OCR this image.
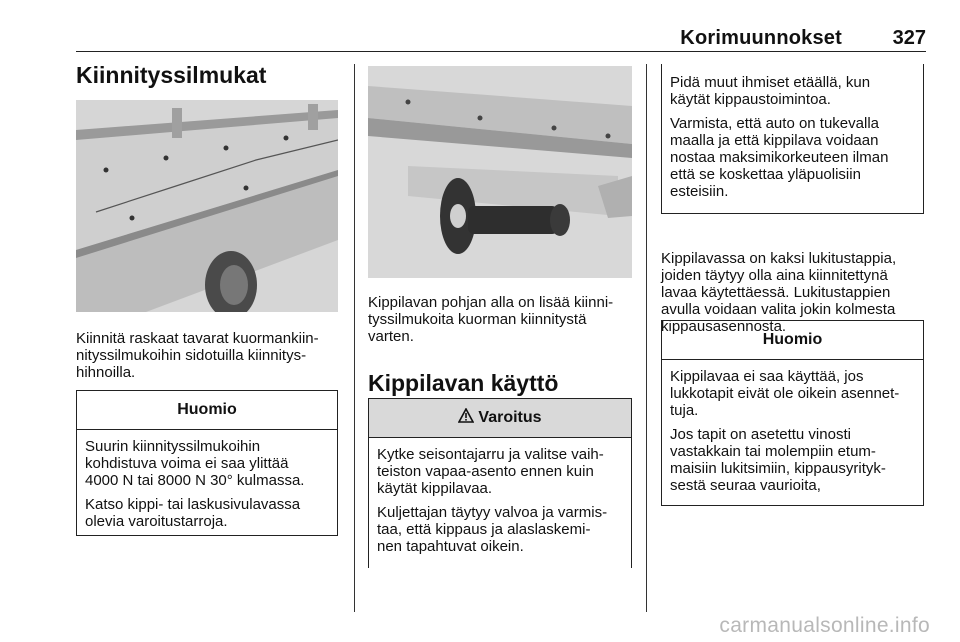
Korimuunnokset	327
Kiinnityssilmukat

Kiinnitä raskaat tavarat kuormankiin-
nityssilmukoihin sidotuilla kiinnitys-
hihnoilla.

Huomio

Suurin kiinnityssilmukoihin
kohdistuva voima ei saa ylittää
4000 N tai 8000 N 30° kulmassa.

Katso kippi- tai laskusivulavassa
olevia varoitustarroja.

Kippilavan pohjan alla on lisää kiinni-
tyssilmukoita kuorman kiinnitystä
varten.

Kippilavan käyttö
Varoitus

Kytke seisontajarru ja valitse vaih-
teiston vapaa-asento ennen kuin
käytät kippilavaa.

Kuljettajan täytyy valvoa ja varmis-
taa, että kippaus ja alaslaskemi-
nen tapahtuvat oikein.

Pidä muut ihmiset etäällä, kun
käytät kippaustoimintoa.

Varmista, että auto on tukevalla
maalla ja että kippilava voidaan
nostaa maksimikorkeuteen ilman
että se koskettaa yläpuolisiin
esteisiin.

Kippilavassa on kaksi lukitustappia,
joiden täytyy olla aina kiinnitettynä
lavaa käytettäessä. Lukitustappien
avulla voidaan valita jokin kolmesta
kippausasennosta.

Huomio

Kippilavaa ei saa käyttää, jos
lukkotapit eivät ole oikein asennet-
tuja.

Jos tapit on asetettu vinosti
vastakkain tai molempiin etum-
maisiin lukitsimiin, kippausyrityk-
sestä seuraa vaurioita,

carmanualsonline.info
